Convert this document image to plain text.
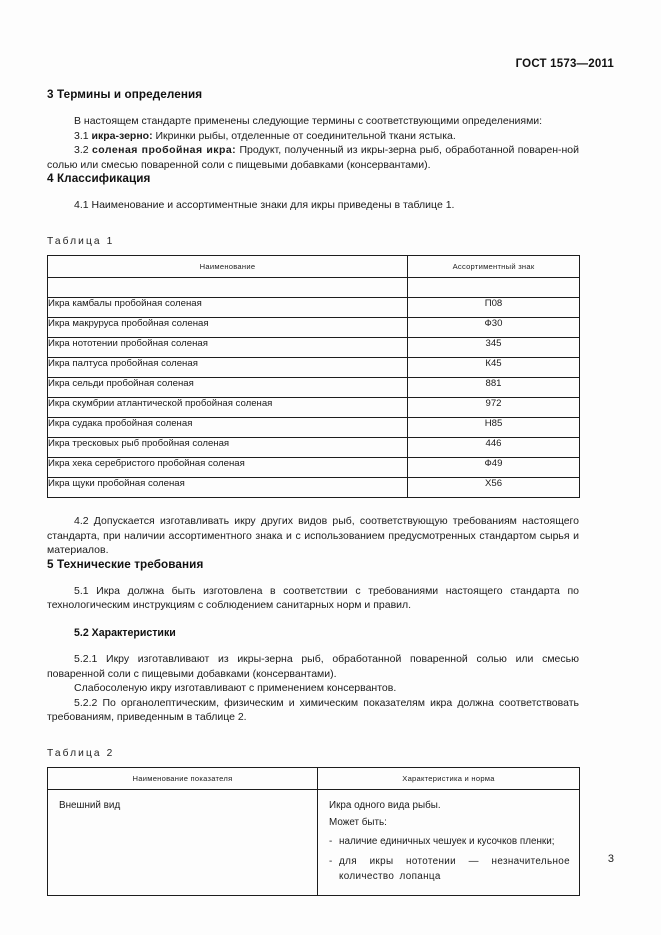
ГОСТ 1573—2011
3 Термины и определения

В настоящем стандарте применены следующие термины с соответствующими определениями:

3.1 икра-зерно: Икринки рыбы, отделенные от соединительной ткани ястыка.

3.2 соленая пробойная икра: Продукт, полученный из икры-зерна рыб, обработанной поварен-ной солью или смесью поваренной соли с пищевыми добавками (консервантами).

4 Классификация

4.1 Наименование и ассортиментные знаки для икры приведены в таблице 1.

Таблица 1

Наименование	Ассортиментный знак

Икра камбалы пробойная соленая	П08
Икра макруруса пробойная соленая	Ф30
Икра нототении пробойная соленая	345
Икра палтуса пробойная соленая	К45
Икра сельди пробойная соленая	881
Икра скумбрии атлантической пробойная соленая	972
Икра судака пробойная соленая	Н85
Икра тресковых рыб пробойная соленая	446
Икра хека серебристого пробойная соленая	Ф49
Икра щуки пробойная соленая	Х56

4.2 Допускается изготавливать икру других видов рыб, соответствующую требованиям настоящего стандарта, при наличии ассортиментного знака и с использованием предусмотренных стандартом сырья и материалов.

5 Технические требования

5.1 Икра должна быть изготовлена в соответствии с требованиями настоящего стандарта по технологическим инструкциям с соблюдением санитарных норм и правил.

5.2 Характеристики

5.2.1 Икру изготавливают из икры-зерна рыб, обработанной поваренной солью или смесью поваренной соли с пищевыми добавками (консервантами).

Слабосоленую икру изготавливают с применением консервантов.

5.2.2 По органолептическим, физическим и химическим показателям икра должна соответствовать требованиям, приведенным в таблице 2.

Таблица 2

Наименование показателя	Характеристика и норма
Внешний вид	Икра одного вида рыбы.
Может быть:
- наличие единичных чешуек и кусочков пленки;
- для икры нототении — незначительное количество лопанца
3
